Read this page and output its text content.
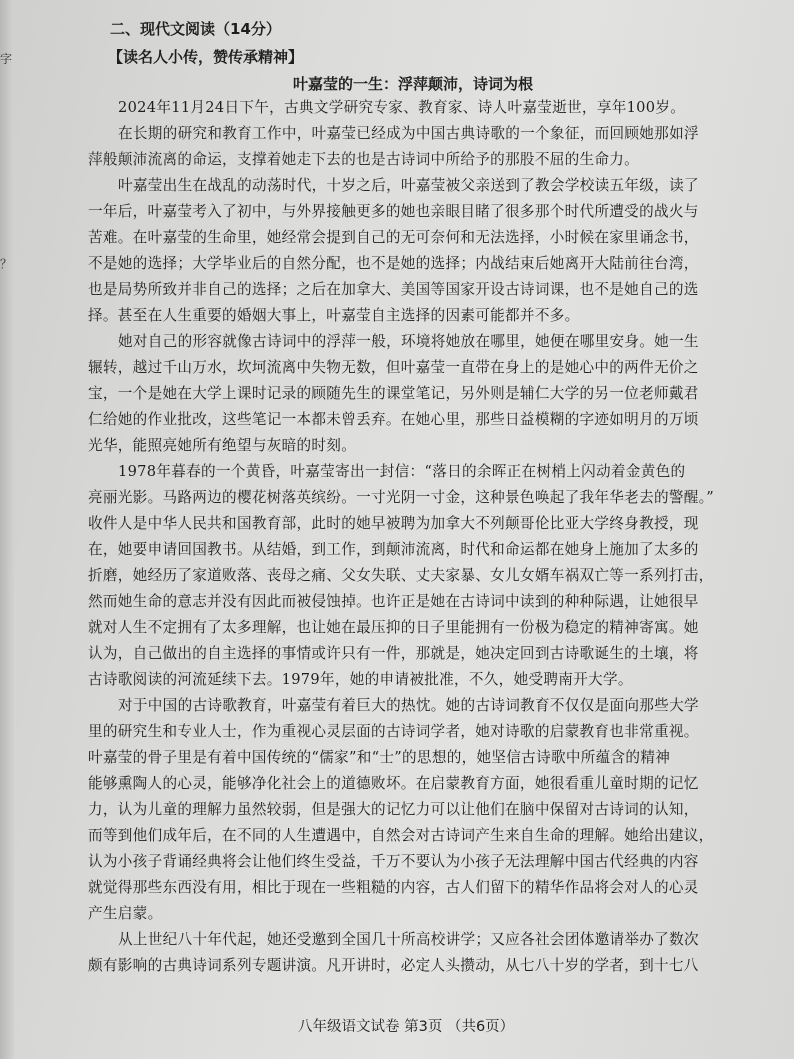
字
？
二、现代文阅读（14分）
【读名人小传，赞传承精神】
叶嘉莹的一生：浮萍颠沛，诗词为根
2024年11月24日下午，古典文学研究专家、教育家、诗人叶嘉莹逝世，享年100岁。
在长期的研究和教育工作中，叶嘉莹已经成为中国古典诗歌的一个象征，而回顾她那如浮
萍般颠沛流离的命运，支撑着她走下去的也是古诗词中所给予的那股不屈的生命力。
叶嘉莹出生在战乱的动荡时代，十岁之后，叶嘉莹被父亲送到了教会学校读五年级，读了
一年后，叶嘉莹考入了初中，与外界接触更多的她也亲眼目睹了很多那个时代所遭受的战火与
苦难。在叶嘉莹的生命里，她经常会提到自己的无可奈何和无法选择，小时候在家里诵念书，
不是她的选择；大学毕业后的自然分配，也不是她的选择；内战结束后她离开大陆前往台湾，
也是局势所致并非自己的选择；之后在加拿大、美国等国家开设古诗词课，也不是她自己的选
择。甚至在人生重要的婚姻大事上，叶嘉莹自主选择的因素可能都并不多。
她对自己的形容就像古诗词中的浮萍一般，环境将她放在哪里，她便在哪里安身。她一生
辗转，越过千山万水，坎坷流离中失物无数，但叶嘉莹一直带在身上的是她心中的两件无价之
宝，一个是她在大学上课时记录的顾随先生的课堂笔记，另外则是辅仁大学的另一位老师戴君
仁给她的作业批改，这些笔记一本都未曾丢弃。在她心里，那些日益模糊的字迹如明月的万顷
光华，能照亮她所有绝望与灰暗的时刻。
1978年暮春的一个黄昏，叶嘉莹寄出一封信：“落日的余晖正在树梢上闪动着金黄色的
亮丽光影。马路两边的樱花树落英缤纷。一寸光阴一寸金，这种景色唤起了我年华老去的警醒。”
收件人是中华人民共和国教育部，此时的她早被聘为加拿大不列颠哥伦比亚大学终身教授，现
在，她要申请回国教书。从结婚，到工作，到颠沛流离，时代和命运都在她身上施加了太多的
折磨，她经历了家道败落、丧母之痛、父女失联、丈夫家暴、女儿女婿车祸双亡等一系列打击，
然而她生命的意志并没有因此而被侵蚀掉。也许正是她在古诗词中读到的种种际遇，让她很早
就对人生不定拥有了太多理解，也让她在最压抑的日子里能拥有一份极为稳定的精神寄寓。她
认为，自己做出的自主选择的事情或许只有一件，那就是，她决定回到古诗歌诞生的土壤，将
古诗歌阅读的河流延续下去。1979年，她的申请被批准，不久，她受聘南开大学。
对于中国的古诗歌教育，叶嘉莹有着巨大的热忱。她的古诗词教育不仅仅是面向那些大学
里的研究生和专业人士，作为重视心灵层面的古诗词学者，她对诗歌的启蒙教育也非常重视。
叶嘉莹的骨子里是有着中国传统的“儒家”和“士”的思想的，她坚信古诗歌中所蕴含的精神
能够熏陶人的心灵，能够净化社会上的道德败坏。在启蒙教育方面，她很看重儿童时期的记忆
力，认为儿童的理解力虽然较弱，但是强大的记忆力可以让他们在脑中保留对古诗词的认知，
而等到他们成年后，在不同的人生遭遇中，自然会对古诗词产生来自生命的理解。她给出建议，
认为小孩子背诵经典将会让他们终生受益，千万不要认为小孩子无法理解中国古代经典的内容
就觉得那些东西没有用，相比于现在一些粗糙的内容，古人们留下的精华作品将会对人的心灵
产生启蒙。
从上世纪八十年代起，她还受邀到全国几十所高校讲学；又应各社会团体邀请举办了数次
颇有影响的古典诗词系列专题讲演。凡开讲时，必定人头攒动，从七八十岁的学者，到十七八
八年级语文试卷 第3页 （共6页）
